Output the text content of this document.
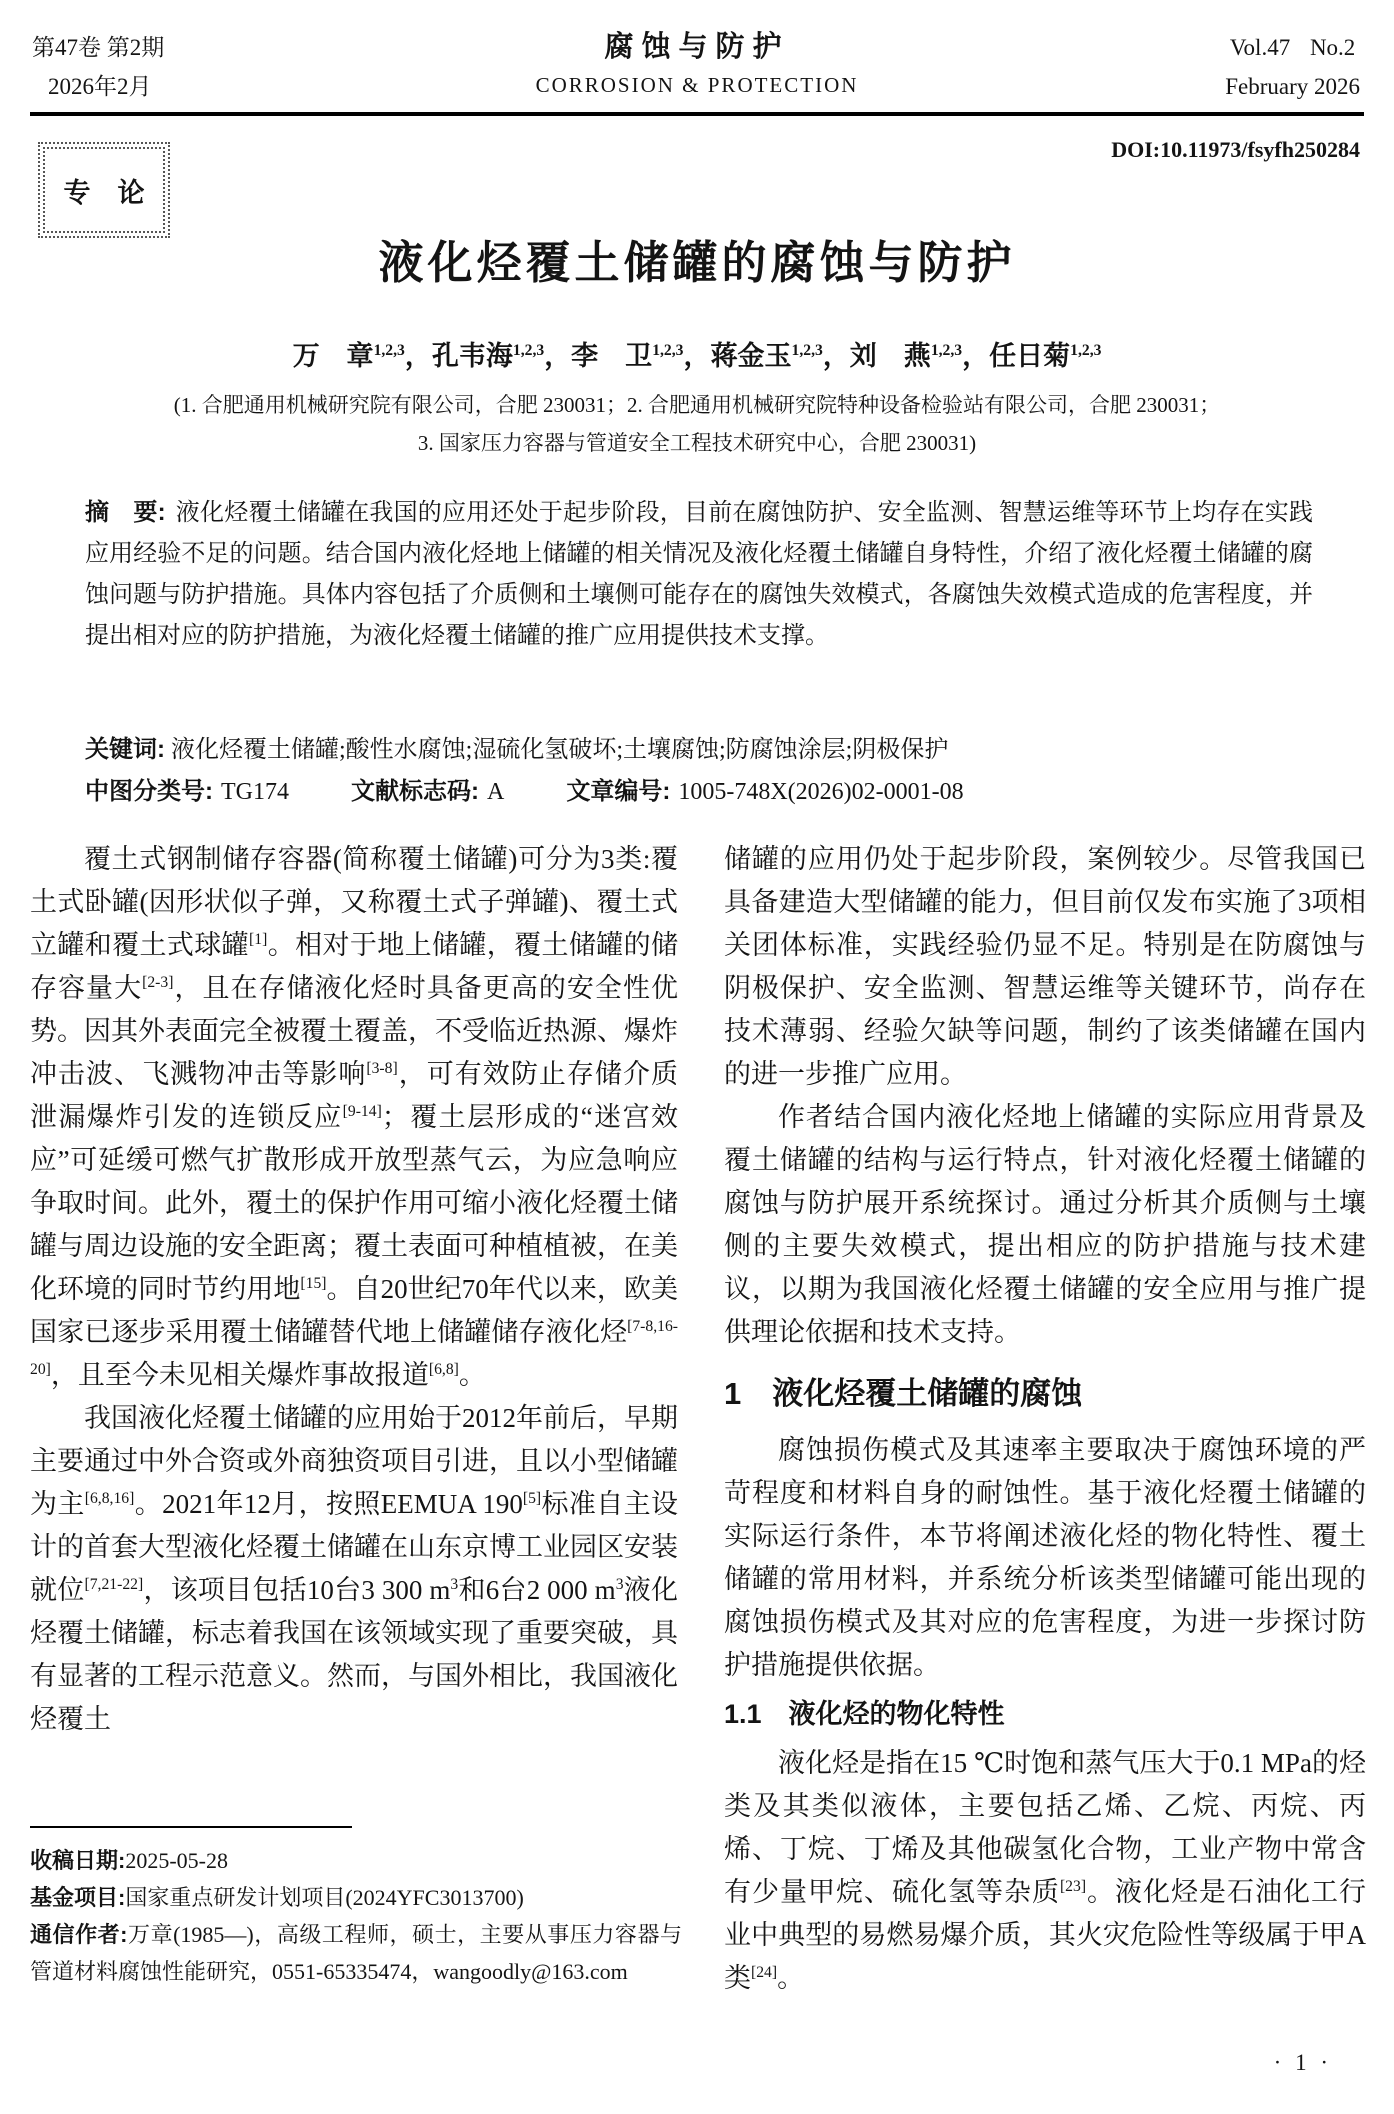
第47卷 第2期
2026年2月
腐蚀与防护
CORROSION & PROTECTION
Vol.47 No.2
February 2026
DOI:10.11973/fsyfh250284
专　论
液化烃覆土储罐的腐蚀与防护
万　章$^{1,2,3}$，孔韦海$^{1,2,3}$，李　卫$^{1,2,3}$，蒋金玉$^{1,2,3}$，刘　燕$^{1,2,3}$，任日菊$^{1,2,3}$
(1. 合肥通用机械研究院有限公司，合肥 230031；2. 合肥通用机械研究院特种设备检验站有限公司，合肥 230031；
3. 国家压力容器与管道安全工程技术研究中心，合肥 230031)
摘　要: 液化烃覆土储罐在我国的应用还处于起步阶段，目前在腐蚀防护、安全监测、智慧运维等环节上均存在实践应用经验不足的问题。结合国内液化烃地上储罐的相关情况及液化烃覆土储罐自身特性，介绍了液化烃覆土储罐的腐蚀问题与防护措施。具体内容包括了介质侧和土壤侧可能存在的腐蚀失效模式，各腐蚀失效模式造成的危害程度，并提出相对应的防护措施，为液化烃覆土储罐的推广应用提供技术支撑。
关键词: 液化烃覆土储罐;酸性水腐蚀;湿硫化氢破坏;土壤腐蚀;防腐蚀涂层;阴极保护
中图分类号: TG174	文献标志码: A	文章编号: 1005-748X(2026)02-0001-08

覆土式钢制储存容器(简称覆土储罐)可分为3类:覆土式卧罐(因形状似子弹，又称覆土式子弹罐)、覆土式立罐和覆土式球罐[1]。相对于地上储罐，覆土储罐的储存容量大[2-3]，且在存储液化烃时具备更高的安全性优势。因其外表面完全被覆土覆盖，不受临近热源、爆炸冲击波、飞溅物冲击等影响[3-8]，可有效防止存储介质泄漏爆炸引发的连锁反应[9-14]；覆土层形成的“迷宫效应”可延缓可燃气扩散形成开放型蒸气云，为应急响应争取时间。此外，覆土的保护作用可缩小液化烃覆土储罐与周边设施的安全距离；覆土表面可种植植被，在美化环境的同时节约用地[15]。自20世纪70年代以来，欧美国家已逐步采用覆土储罐替代地上储罐储存液化烃[7-8,16-20]，且至今未见相关爆炸事故报道[6,8]。

我国液化烃覆土储罐的应用始于2012年前后，早期主要通过中外合资或外商独资项目引进，且以小型储罐为主[6,8,16]。2021年12月，按照EEMUA 190[5]标准自主设计的首套大型液化烃覆土储罐在山东京博工业园区安装就位[7,21-22]，该项目包括10台3 300 $m^3$和6台2 000 $m^3$液化烃覆土储罐，标志着我国在该领域实现了重要突破，具有显著的工程示范意义。然而，与国外相比，我国液化烃覆土

收稿日期:2025-05-28
基金项目:国家重点研发计划项目(2024YFC3013700)
通信作者:万章(1985—)，高级工程师，硕士，主要从事压力容器与管道材料腐蚀性能研究，0551-65335474，wangoodly@163.com

储罐的应用仍处于起步阶段，案例较少。尽管我国已具备建造大型储罐的能力，但目前仅发布实施了3项相关团体标准，实践经验仍显不足。特别是在防腐蚀与阴极保护、安全监测、智慧运维等关键环节，尚存在技术薄弱、经验欠缺等问题，制约了该类储罐在国内的进一步推广应用。

作者结合国内液化烃地上储罐的实际应用背景及覆土储罐的结构与运行特点，针对液化烃覆土储罐的腐蚀与防护展开系统探讨。通过分析其介质侧与土壤侧的主要失效模式，提出相应的防护措施与技术建议，以期为我国液化烃覆土储罐的安全应用与推广提供理论依据和技术支持。

1　液化烃覆土储罐的腐蚀

腐蚀损伤模式及其速率主要取决于腐蚀环境的严苛程度和材料自身的耐蚀性。基于液化烃覆土储罐的实际运行条件，本节将阐述液化烃的物化特性、覆土储罐的常用材料，并系统分析该类型储罐可能出现的腐蚀损伤模式及其对应的危害程度，为进一步探讨防护措施提供依据。

1.1　液化烃的物化特性

液化烃是指在15 ℃时饱和蒸气压大于0.1 MPa的烃类及其类似液体，主要包括乙烯、乙烷、丙烷、丙烯、丁烷、丁烯及其他碳氢化合物，工业产物中常含有少量甲烷、硫化氢等杂质[23]。液化烃是石油化工行业中典型的易燃易爆介质，其火灾危险性等级属于甲A类[24]。

· 1 ·
